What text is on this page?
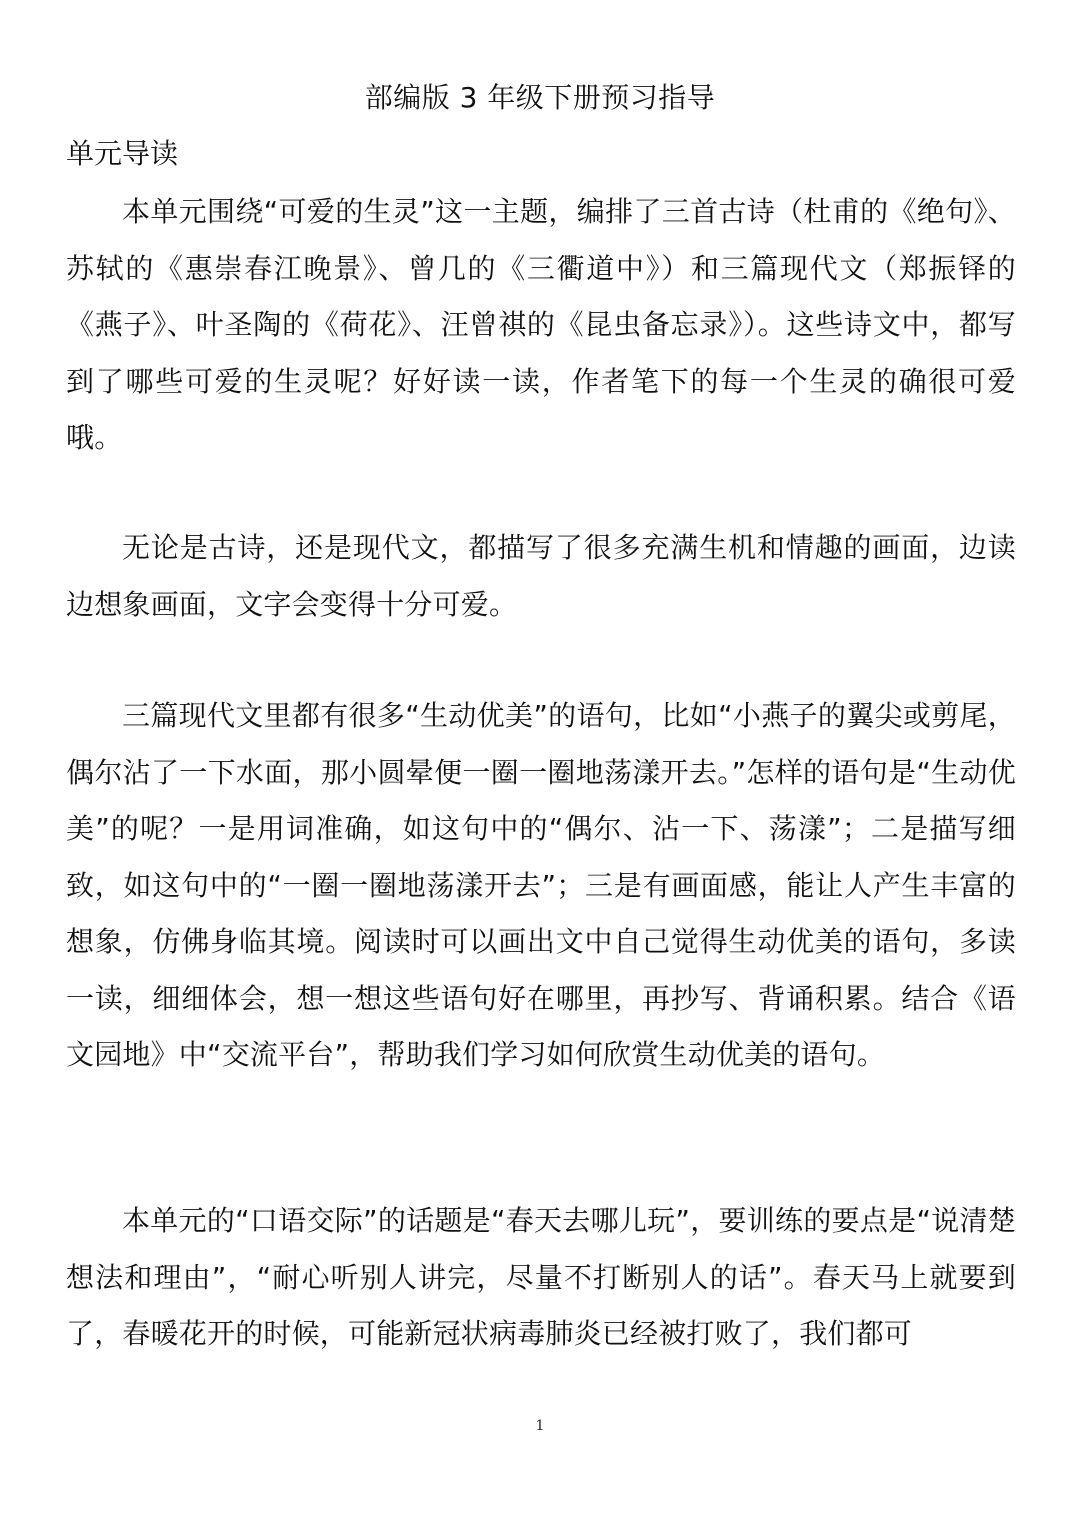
部编版 3 年级下册预习指导
单元导读

本单元围绕“可爱的生灵”这一主题，编排了三首古诗（杜甫的《绝句》、苏轼的《惠崇春江晚景》、曾几的《三衢道中》）和三篇现代文（郑振铎的《燕子》、叶圣陶的《荷花》、汪曾祺的《昆虫备忘录》）。这些诗文中，都写到了哪些可爱的生灵呢？好好读一读，作者笔下的每一个生灵的确很可爱哦。

无论是古诗，还是现代文，都描写了很多充满生机和情趣的画面，边读边想象画面，文字会变得十分可爱。

三篇现代文里都有很多“生动优美”的语句，比如“小燕子的翼尖或剪尾，偶尔沾了一下水面，那小圆晕便一圈一圈地荡漾开去。”怎样的语句是“生动优美”的呢？一是用词准确，如这句中的“偶尔、沾一下、荡漾”；二是描写细致，如这句中的“一圈一圈地荡漾开去”；三是有画面感，能让人产生丰富的想象，仿佛身临其境。阅读时可以画出文中自己觉得生动优美的语句，多读一读，细细体会，想一想这些语句好在哪里，再抄写、背诵积累。结合《语文园地》中“交流平台”，帮助我们学习如何欣赏生动优美的语句。

本单元的“口语交际”的话题是“春天去哪儿玩”，要训练的要点是“说清楚想法和理由”，“耐心听别人讲完，尽量不打断别人的话”。春天马上就要到了，春暖花开的时候，可能新冠状病毒肺炎已经被打败了，我们都可

1
